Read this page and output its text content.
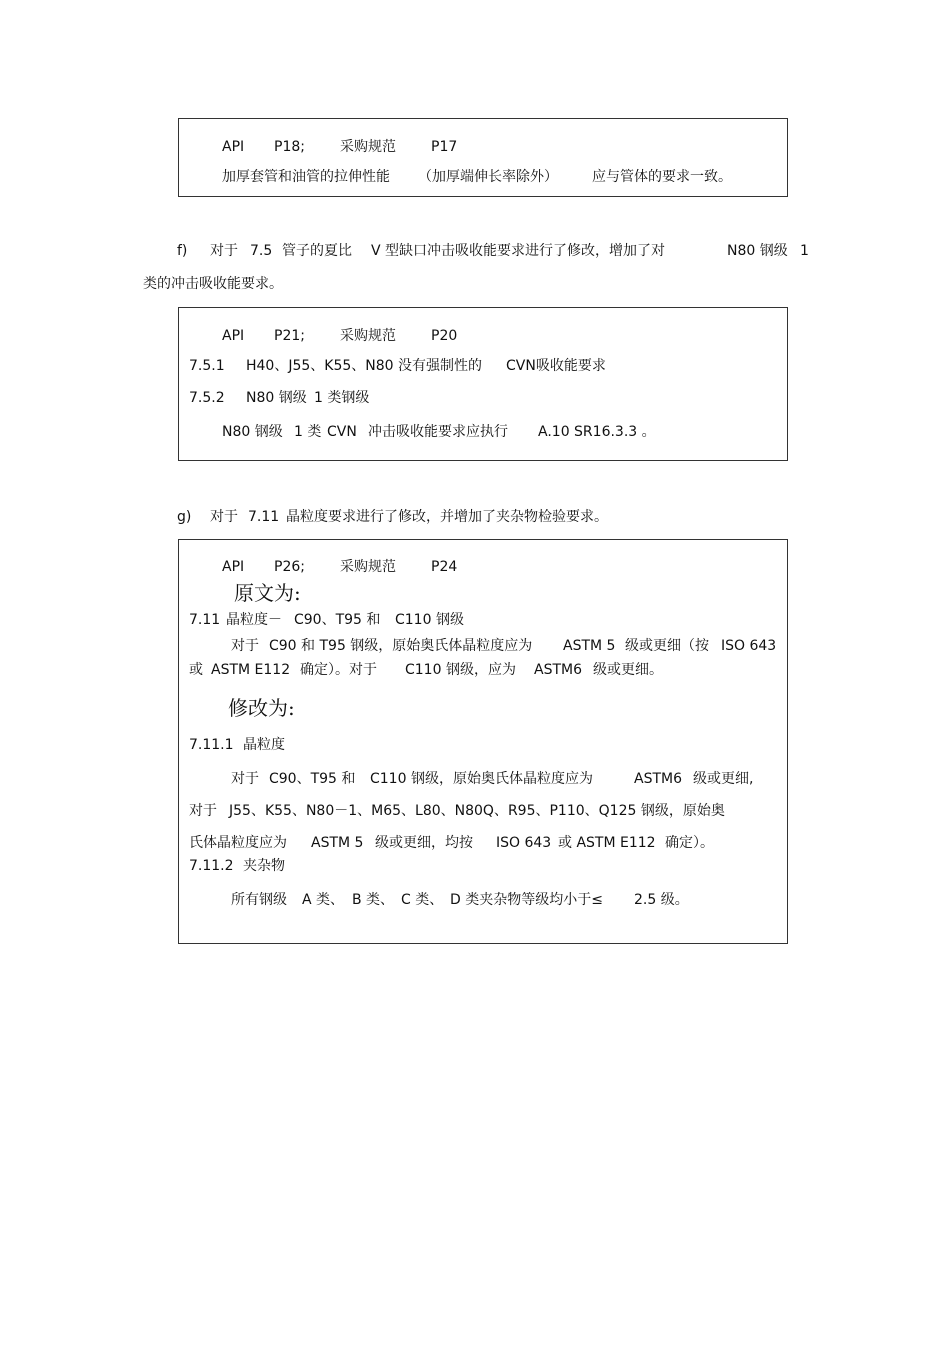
API P18;	采购规范	P17
加厚套管和油管的拉伸性能 （加厚端伸长率除外） 应与管体的要求一致。
f) 对于 7.5 管子的夏比 V 型缺口冲击吸收能要求进行了修改，增加了对	N80 钢级 1
类的冲击吸收能要求。
API P21;	采购规范	P20
7.5.1 H40、J55、K55、N80 没有强制性的 CVN吸收能要求
7.5.2 N80 钢级 1 类钢级
N80 钢级 1 类 CVN 冲击吸收能要求应执行 A.10 SR16.3.3 。
g) 对于 7.11 晶粒度要求进行了修改，并增加了夹杂物检验要求。
API P26;	采购规范	P24
原文为:
7.11 晶粒度－ C90、T95 和 C110 钢级
对于 C90 和 T95 钢级，原始奥氏体晶粒度应为 ASTM 5 级或更细（按 ISO 643
或 ASTM E112 确定）。对于 C110 钢级，应为 ASTM6 级或更细。
修改为:
7.11.1 晶粒度
对于 C90、T95 和 C110 钢级，原始奥氏体晶粒度应为	ASTM6 级或更细,
对于 J55、K55、N80－1、M65、L80、N80Q、R95、P110、Q125 钢级，原始奥
氏体晶粒度应为 ASTM 5 级或更细，均按 ISO 643 或 ASTM E112 确定）。
7.11.2 夹杂物
所有钢级 A 类、 B 类、 C 类、 D 类夹杂物等级均小于≤ 2.5 级。
